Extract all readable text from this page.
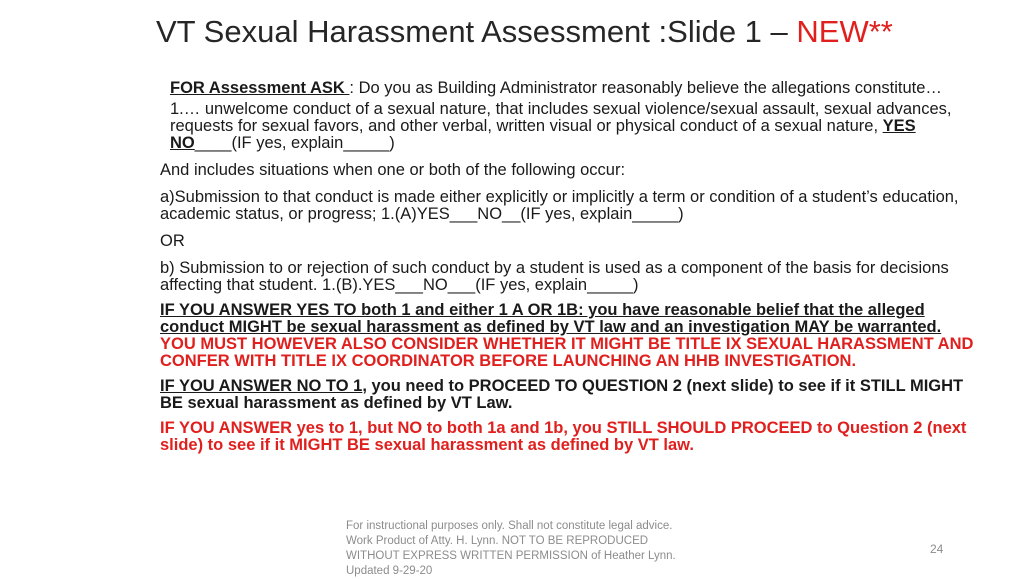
VT Sexual Harassment Assessment :Slide 1 – NEW**

FOR Assessment ASK : Do you as Building Administrator reasonably believe the allegations constitute…

1.… unwelcome conduct of a sexual nature, that includes sexual violence/sexual assault, sexual advances, requests for sexual favors, and other verbal, written visual or physical conduct of a sexual nature, YES NO____(IF yes, explain_____)

And includes situations when one or both of the following occur:

a)Submission to that conduct is made either explicitly or implicitly a term or condition of a student’s education, academic status, or progress; 1.(A)YES___NO__(IF yes, explain_____)

OR

b) Submission to or rejection of such conduct by a student is used as a component of the basis for decisions affecting that student. 1.(B).YES___NO___(IF yes, explain_____)

IF YOU ANSWER YES TO both 1 and either 1 A OR 1B: you have reasonable belief that the alleged conduct MIGHT be sexual harassment as defined by VT law and an investigation MAY be warranted.
YOU MUST HOWEVER ALSO CONSIDER WHETHER IT MIGHT BE TITLE IX SEXUAL HARASSMENT AND CONFER WITH TITLE IX COORDINATOR BEFORE LAUNCHING AN HHB INVESTIGATION.

IF YOU ANSWER NO TO 1, you need to PROCEED TO QUESTION 2 (next slide) to see if it STILL MIGHT BE sexual harassment as defined by VT Law.

IF YOU ANSWER yes to 1, but NO to both 1a and 1b, you STILL SHOULD PROCEED to Question 2 (next slide) to see if it MIGHT BE sexual harassment as defined by VT law.

For instructional purposes only. Shall not constitute legal advice. Work Product of Atty. H. Lynn. NOT TO BE REPRODUCED WITHOUT EXPRESS WRITTEN PERMISSION of Heather Lynn. Updated 9-29-20
24
